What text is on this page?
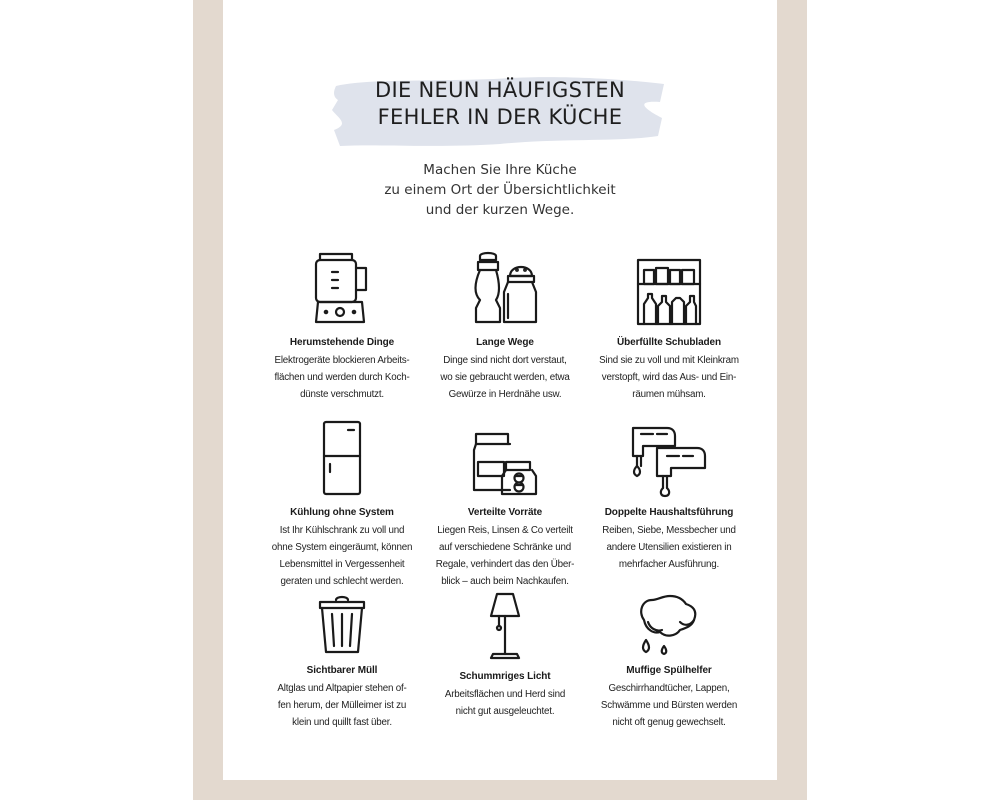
DIE NEUN HÄUFIGSTEN
FEHLER IN DER KÜCHE
Machen Sie Ihre Küche
zu einem Ort der Übersichtlichkeit
und der kurzen Wege.
Herumstehende Dinge
Elektrogeräte blockieren Arbeits-
flächen und werden durch Koch-
dünste verschmutzt.
Lange Wege
Dinge sind nicht dort verstaut,
wo sie gebraucht werden, etwa
Gewürze in Herdnähe usw.
Überfüllte Schubladen
Sind sie zu voll und mit Kleinkram
verstopft, wird das Aus- und Ein-
räumen mühsam.
Kühlung ohne System
Ist Ihr Kühlschrank zu voll und
ohne System eingeräumt, können
Lebensmittel in Vergessenheit
geraten und schlecht werden.
Verteilte Vorräte
Liegen Reis, Linsen & Co verteilt
auf verschiedene Schränke und
Regale, verhindert das den Über-
blick – auch beim Nachkaufen.
Doppelte Haushaltsführung
Reiben, Siebe, Messbecher und
andere Utensilien existieren in
mehrfacher Ausführung.
Sichtbarer Müll
Altglas und Altpapier stehen of-
fen herum, der Mülleimer ist zu
klein und quillt fast über.
Schummriges Licht
Arbeitsflächen und Herd sind
nicht gut ausgeleuchtet.
Muffige Spülhelfer
Geschirrhandtücher, Lappen,
Schwämme und Bürsten werden
nicht oft genug gewechselt.
